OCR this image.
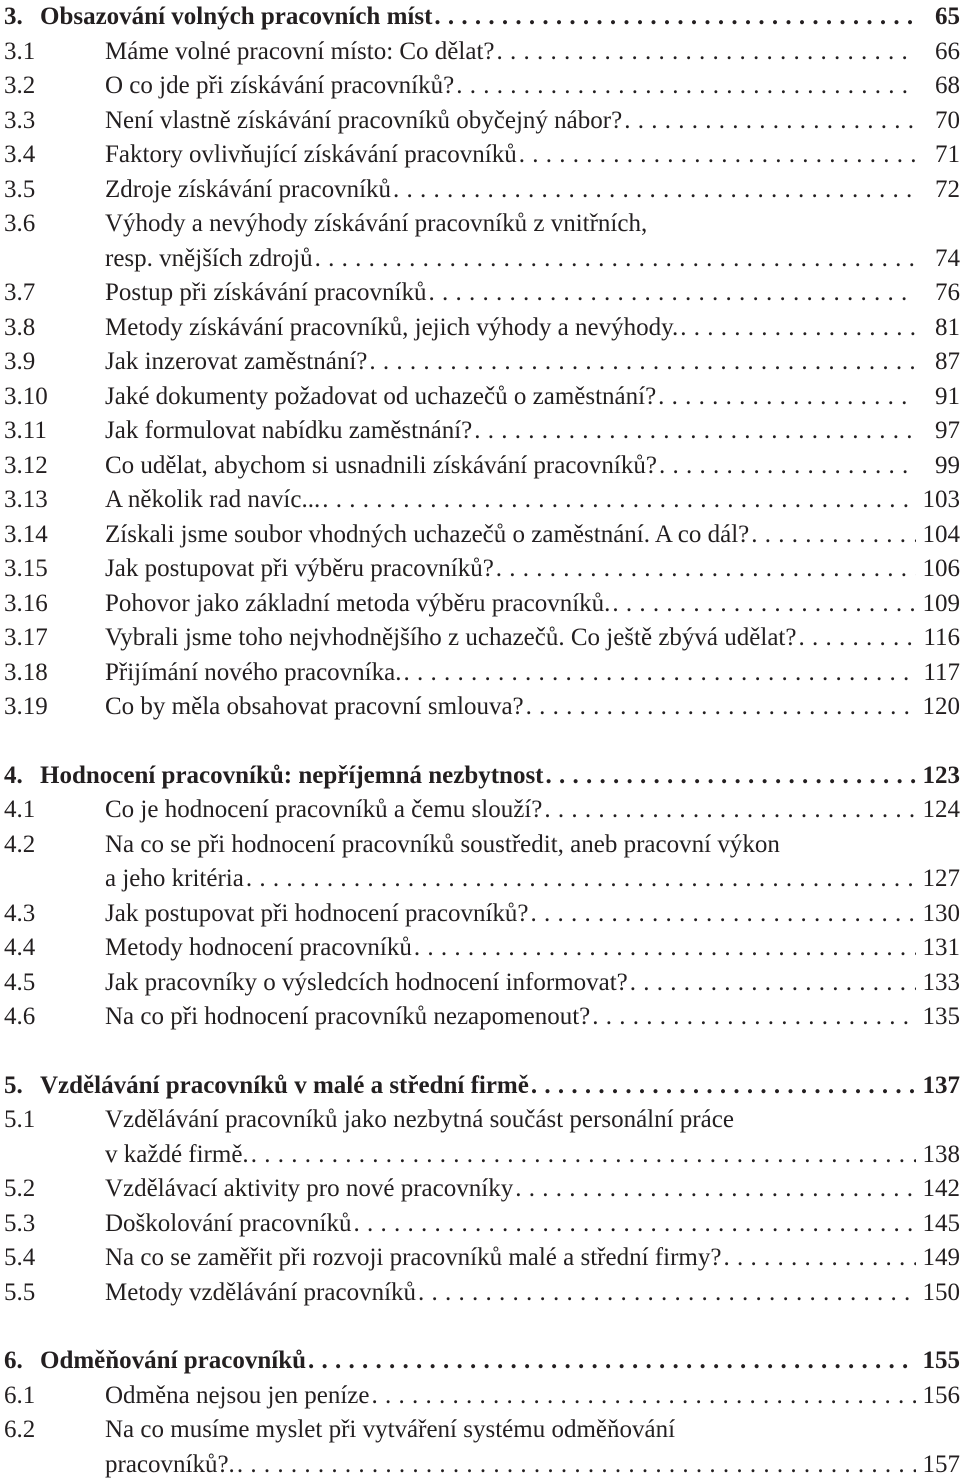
3. Obsazování volných pracovních míst . . .	65
3.1	Máme volné pracovní místo: Co dělat? . . .	66
3.2	O co jde při získávání pracovníků? . . .	68
3.3	Není vlastně získávání pracovníků obyčejný nábor? . . .	70
3.4	Faktory ovlivňující získávání pracovníků . . .	71
3.5	Zdroje získávání pracovníků . . .	72
3.6	Výhody a nevýhody získávání pracovníků z vnitřních,
resp. vnějších zdrojů . . .	74
3.7	Postup při získávání pracovníků . . .	76
3.8	Metody získávání pracovníků, jejich výhody a nevýhody. . . .	81
3.9	Jak inzerovat zaměstnání? . . .	87
3.10 Jaké dokumenty požadovat od uchazečů o zaměstnání? . . .	91
3.11 Jak formulovat nabídku zaměstnání? . . .	97
3.12 Co udělat, abychom si usnadnili získávání pracovníků? . . .	99
3.13 A několik rad navíc... . . .	103
3.14 Získali jsme soubor vhodných uchazečů o zaměstnání. A co dál? . . .	104
3.15 Jak postupovat při výběru pracovníků? . . .	106
3.16 Pohovor jako základní metoda výběru pracovníků. . . .	109
3.17 Vybrali jsme toho nejvhodnějšího z uchazečů. Co ještě zbývá udělat? . . .	116
3.18 Přijímání nového pracovníka. . . .	117
3.19 Co by měla obsahovat pracovní smlouva? . . .	120
4. Hodnocení pracovníků: nepříjemná nezbytnost . . .	123
4.1	Co je hodnocení pracovníků a čemu slouží? . . .	124
4.2	Na co se při hodnocení pracovníků soustředit, aneb pracovní výkon
a jeho kritéria . . .	127
4.3	Jak postupovat při hodnocení pracovníků? . . .	130
4.4	Metody hodnocení pracovníků . . .	131
4.5	Jak pracovníky o výsledcích hodnocení informovat? . . .	133
4.6	Na co při hodnocení pracovníků nezapomenout? . . .	135
5. Vzdělávání pracovníků v malé a střední firmě . . .	137
5.1	Vzdělávání pracovníků jako nezbytná součást personální práce
v každé firmě. . . .	138
5.2	Vzdělávací aktivity pro nové pracovníky . . .	142
5.3	Doškolování pracovníků . . .	145
5.4	Na co se zaměřit při rozvoji pracovníků malé a střední firmy? . . .	149
5.5	Metody vzdělávání pracovníků . . .	150
6. Odměňování pracovníků . . .	155
6.1	Odměna nejsou jen peníze . . .	156
6.2	Na co musíme myslet při vytváření systému odměňování
pracovníků?. . . .	157
